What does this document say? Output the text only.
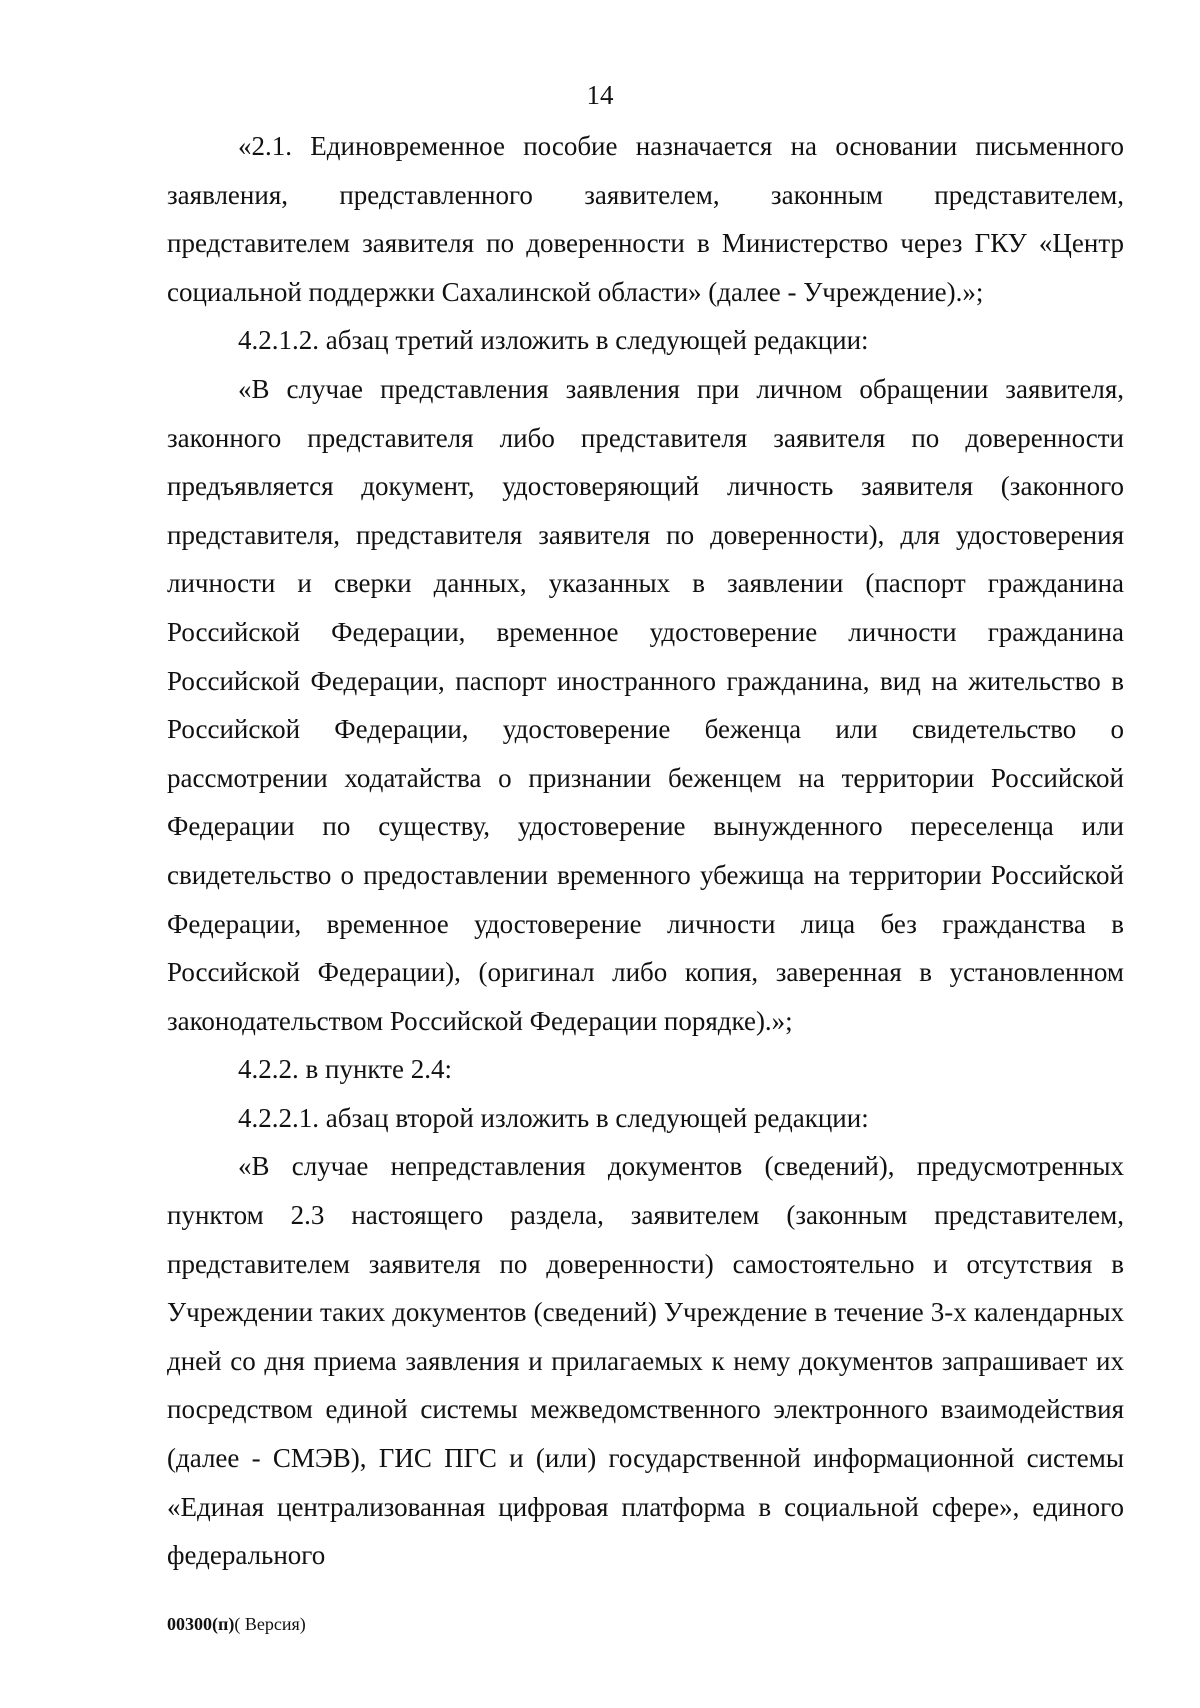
14

«2.1. Единовременное пособие назначается на основании письменного заявления, представленного заявителем, законным представителем, представителем заявителя по доверенности в Министерство через ГКУ «Центр социальной поддержки Сахалинской области» (далее - Учреждение).»;

4.2.1.2. абзац третий изложить в следующей редакции:

«В случае представления заявления при личном обращении заявителя, законного представителя либо представителя заявителя по доверенности предъявляется документ, удостоверяющий личность заявителя (законного представителя, представителя заявителя по доверенности), для удостоверения личности и сверки данных, указанных в заявлении (паспорт гражданина Российской Федерации, временное удостоверение личности гражданина Российской Федерации, паспорт иностранного гражданина, вид на жительство в Российской Федерации, удостоверение беженца или свидетельство о рассмотрении ходатайства о признании беженцем на территории Российской Федерации по существу, удостоверение вынужденного переселенца или свидетельство о предоставлении временного убежища на территории Российской Федерации, временное удостоверение личности лица без гражданства в Российской Федерации), (оригинал либо копия, заверенная в установленном законодательством Российской Федерации порядке).»;

4.2.2. в пункте 2.4:

4.2.2.1. абзац второй изложить в следующей редакции:

«В случае непредставления документов (сведений), предусмотренных пунктом 2.3 настоящего раздела, заявителем (законным представителем, представителем заявителя по доверенности) самостоятельно и отсутствия в Учреждении таких документов (сведений) Учреждение в течение 3-х календарных дней со дня приема заявления и прилагаемых к нему документов запрашивает их посредством единой системы межведомственного электронного взаимодействия (далее - СМЭВ), ГИС ПГС и (или) государственной информационной системы «Единая централизованная цифровая платформа в социальной сфере», единого федерального

00300(п)( Версия)
